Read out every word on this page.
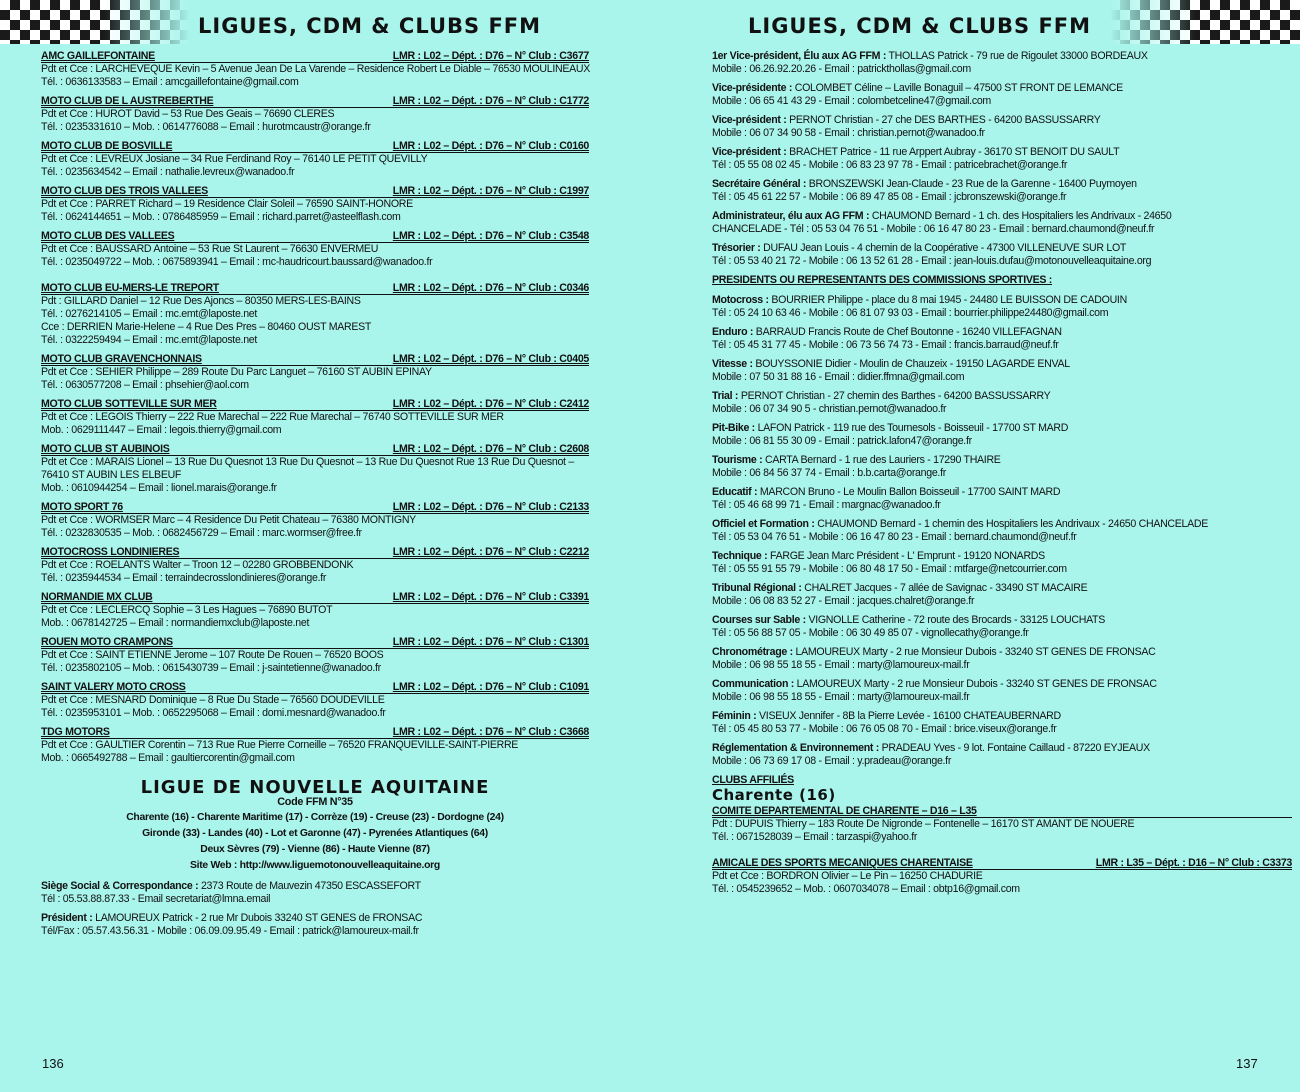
LIGUES, CDM & CLUBS FFM
AMC GAILLEFONTAINE	LMR : L02 – Dépt. : D76 – N° Club : C3677
Pdt et Cce : LARCHEVEQUE Kevin – 5 Avenue Jean De La Varende – Residence Robert Le Diable – 76530 MOULINEAUX
Tél. : 0636133583 – Email : amcgaillefontaine@gmail.com
MOTO CLUB DE L AUSTREBERTHE	LMR : L02 – Dépt. : D76 – N° Club : C1772
Pdt et Cce : HUROT David – 53 Rue Des Geais – 76690 CLERES
Tél. : 0235331610 – Mob. : 0614776088 – Email : hurotmcaustr@orange.fr
MOTO CLUB DE BOSVILLE	LMR : L02 – Dépt. : D76 – N° Club : C0160
Pdt et Cce : LEVREUX Josiane – 34 Rue Ferdinand Roy – 76140 LE PETIT QUEVILLY
Tél. : 0235634542 – Email : nathalie.levreux@wanadoo.fr
MOTO CLUB DES TROIS VALLEES	LMR : L02 – Dépt. : D76 – N° Club : C1997
Pdt et Cce : PARRET Richard – 19 Residence Clair Soleil – 76590 SAINT-HONORE
Tél. : 0624144651 – Mob. : 0786485959 – Email : richard.parret@asteelflash.com
MOTO CLUB DES VALLEES	LMR : L02 – Dépt. : D76 – N° Club : C3548
Pdt et Cce : BAUSSARD Antoine – 53 Rue St Laurent – 76630 ENVERMEU
Tél. : 0235049722 – Mob. : 0675893941 – Email : mc-haudricourt.baussard@wanadoo.fr
MOTO CLUB EU-MERS-LE TREPORT	LMR : L02 – Dépt. : D76 – N° Club : C0346
Pdt : GILLARD Daniel – 12 Rue Des Ajoncs – 80350 MERS-LES-BAINS
Tél. : 0276214105 – Email : mc.emt@laposte.net
Cce : DERRIEN Marie-Helene – 4 Rue Des Pres – 80460 OUST MAREST
Tél. : 0322259494 – Email : mc.emt@laposte.net
MOTO CLUB GRAVENCHONNAIS	LMR : L02 – Dépt. : D76 – N° Club : C0405
Pdt et Cce : SEHIER Philippe – 289 Route Du Parc Languet – 76160 ST AUBIN EPINAY
Tél. : 0630577208 – Email : phsehier@aol.com
MOTO CLUB SOTTEVILLE SUR MER	LMR : L02 – Dépt. : D76 – N° Club : C2412
Pdt et Cce : LEGOIS Thierry – 222 Rue Marechal – 222 Rue Marechal – 76740 SOTTEVILLE SUR MER
Mob. : 0629111447 – Email : legois.thierry@gmail.com
MOTO CLUB ST AUBINOIS	LMR : L02 – Dépt. : D76 – N° Club : C2608
Pdt et Cce : MARAIS Lionel – 13 Rue Du Quesnot 13 Rue Du Quesnot – 13 Rue Du Quesnot Rue 13 Rue Du Quesnot – 76410 ST AUBIN LES ELBEUF
Mob. : 0610944254 – Email : lionel.marais@orange.fr
MOTO SPORT 76	LMR : L02 – Dépt. : D76 – N° Club : C2133
Pdt et Cce : WORMSER Marc – 4 Residence Du Petit Chateau – 76380 MONTIGNY
Tél. : 0232830535 – Mob. : 0682456729 – Email : marc.wormser@free.fr
MOTOCROSS LONDINIERES	LMR : L02 – Dépt. : D76 – N° Club : C2212
Pdt et Cce : ROELANTS Walter – Troon 12 – 02280 GROBBENDONK
Tél. : 0235944534 – Email : terraindecrosslondinieres@orange.fr
NORMANDIE MX CLUB	LMR : L02 – Dépt. : D76 – N° Club : C3391
Pdt et Cce : LECLERCQ Sophie – 3 Les Hagues – 76890 BUTOT
Mob. : 0678142725 – Email : normandiemxclub@laposte.net
ROUEN MOTO CRAMPONS	LMR : L02 – Dépt. : D76 – N° Club : C1301
Pdt et Cce : SAINT ETIENNE Jerome – 107 Route De Rouen – 76520 BOOS
Tél. : 0235802105 – Mob. : 0615430739 – Email : j-saintetienne@wanadoo.fr
SAINT VALERY MOTO CROSS	LMR : L02 – Dépt. : D76 – N° Club : C1091
Pdt et Cce : MESNARD Dominique – 8 Rue Du Stade – 76560 DOUDEVILLE
Tél. : 0235953101 – Mob. : 0652295068 – Email : domi.mesnard@wanadoo.fr
TDG MOTORS	LMR : L02 – Dépt. : D76 – N° Club : C3668
Pdt et Cce : GAULTIER Corentin – 713 Rue Rue Pierre Corneille – 76520 FRANQUEVILLE-SAINT-PIERRE
Mob. : 0665492788 – Email : gaultiercorentin@gmail.com
LIGUE DE NOUVELLE AQUITAINE
Code FFM N°35
Charente (16) - Charente Maritime (17) - Corrèze (19) - Creuse (23) - Dordogne (24)
Gironde (33) - Landes (40) - Lot et Garonne (47) - Pyrenées Atlantiques (64)
Deux Sèvres (79) - Vienne (86) - Haute Vienne (87)
Site Web : http://www.liguemotonouvelleaquitaine.org
Siège Social & Correspondance : 2373 Route de Mauvezin 47350 ESCASSEFORT
Tél : 05.53.88.87.33 - Email secretariat@lmna.email
Président : LAMOUREUX Patrick - 2 rue Mr Dubois 33240 ST GENES de FRONSAC
Tél/Fax : 05.57.43.56.31 - Mobile : 06.09.09.95.49 - Email : patrick@lamoureux-mail.fr
136
LIGUES, CDM & CLUBS FFM
1er Vice-président, Élu aux AG FFM : THOLLAS Patrick - 79 rue de Rigoulet 33000 BORDEAUX
Mobile : 06.26.92.20.26 - Email : patrickthollas@gmail.com
Vice-présidente : COLOMBET Céline – Laville Bonaguil – 47500 ST FRONT DE LEMANCE
Mobile : 06 65 41 43 29 - Email : colombetceline47@gmail.com
Vice-président : PERNOT Christian - 27 che DES BARTHES - 64200 BASSUSSARRY
Mobile : 06 07 34 90 58 - Email : christian.pernot@wanadoo.fr
Vice-président : BRACHET Patrice - 11 rue Arppert Aubray - 36170 ST BENOIT DU SAULT
Tél : 05 55 08 02 45 - Mobile : 06 83 23 97 78 - Email : patricebrachet@orange.fr
Secrétaire Général : BRONSZEWSKI Jean-Claude - 23 Rue de la Garenne - 16400 Puymoyen
Tél : 05 45 61 22 57 - Mobile : 06 89 47 85 08 - Email : jcbronszewski@orange.fr
Administrateur, élu aux AG FFM : CHAUMOND Bernard - 1 ch. des Hospitaliers les Andrivaux - 24650
CHANCELADE - Tél : 05 53 04 76 51 - Mobile : 06 16 47 80 23 - Email : bernard.chaumond@neuf.fr
Trésorier : DUFAU Jean Louis - 4 chemin de la Coopérative - 47300 VILLENEUVE SUR LOT
Tél : 05 53 40 21 72 - Mobile : 06 13 52 61 28 - Email : jean-louis.dufau@motonouvelleaquitaine.org
PRESIDENTS OU REPRESENTANTS DES COMMISSIONS SPORTIVES :
Motocross : BOURRIER Philippe - place du 8 mai 1945 - 24480 LE BUISSON DE CADOUIN
Tél : 05 24 10 63 46 - Mobile : 06 81 07 93 03 - Email : bourrier.philippe24480@gmail.com
Enduro : BARRAUD Francis Route de Chef Boutonne - 16240 VILLEFAGNAN
Tél : 05 45 31 77 45 - Mobile : 06 73 56 74 73 - Email : francis.barraud@neuf.fr
Vitesse : BOUYSSONIE Didier - Moulin de Chauzeix - 19150 LAGARDE ENVAL
Mobile : 07 50 31 88 16 - Email : didier.ffmna@gmail.com
Trial : PERNOT Christian - 27 chemin des Barthes - 64200 BASSUSSARRY
Mobile : 06 07 34 90 5 - christian.pernot@wanadoo.fr
Pit-Bike : LAFON Patrick - 119 rue des Tournesols - Boisseuil - 17700 ST MARD
Mobile : 06 81 55 30 09 - Email : patrick.lafon47@orange.fr
Tourisme : CARTA Bernard - 1 rue des Lauriers - 17290 THAIRE
Mobile : 06 84 56 37 74 - Email : b.b.carta@orange.fr
Educatif : MARCON Bruno - Le Moulin Ballon Boisseuil - 17700 SAINT MARD
Tél : 05 46 68 99 71 - Email : margnac@wanadoo.fr
Officiel et Formation : CHAUMOND Bernard - 1 chemin des Hospitaliers les Andrivaux - 24650 CHANCELADE
Tél : 05 53 04 76 51 - Mobile : 06 16 47 80 23 - Email : bernard.chaumond@neuf.fr
Technique : FARGE Jean Marc Président - L' Emprunt - 19120 NONARDS
Tél : 05 55 91 55 79 - Mobile : 06 80 48 17 50 - Email : mtfarge@netcourrier.com
Tribunal Régional : CHALRET Jacques - 7 allée de Savignac - 33490 ST MACAIRE
Mobile : 06 08 83 52 27 - Email : jacques.chalret@orange.fr
Courses sur Sable : VIGNOLLE Catherine - 72 route des Brocards - 33125 LOUCHATS
Tél : 05 56 88 57 05 - Mobile : 06 30 49 85 07 - vignollecathy@orange.fr
Chronométrage : LAMOUREUX Marty - 2 rue Monsieur Dubois - 33240 ST GENES DE FRONSAC
Mobile : 06 98 55 18 55 - Email : marty@lamoureux-mail.fr
Communication : LAMOUREUX Marty - 2 rue Monsieur Dubois - 33240 ST GENES DE FRONSAC
Mobile : 06 98 55 18 55 - Email : marty@lamoureux-mail.fr
Féminin : VISEUX Jennifer - 8B la Pierre Levée - 16100 CHATEAUBERNARD
Tél : 05 45 80 53 77 - Mobile : 06 76 05 08 70 - Email : brice.viseux@orange.fr
Réglementation & Environnement : PRADEAU Yves - 9 lot. Fontaine Caillaud - 87220 EYJEAUX
Mobile : 06 73 69 17 08 - Email : y.pradeau@orange.fr
CLUBS AFFILIÉS
Charente (16)
COMITE DEPARTEMENTAL DE CHARENTE – D16 – L35
Pdt : DUPUIS Thierry – 183 Route De Nigronde – Fontenelle – 16170 ST AMANT DE NOUERE
Tél. : 0671528039 – Email : tarzaspi@yahoo.fr
AMICALE DES SPORTS MECANIQUES CHARENTAISE	LMR : L35 – Dépt. : D16 – N° Club : C3373
Pdt et Cce : BORDRON Olivier – Le Pin – 16250 CHADURIE
Tél. : 0545239652 – Mob. : 0607034078 – Email : obtp16@gmail.com
137
